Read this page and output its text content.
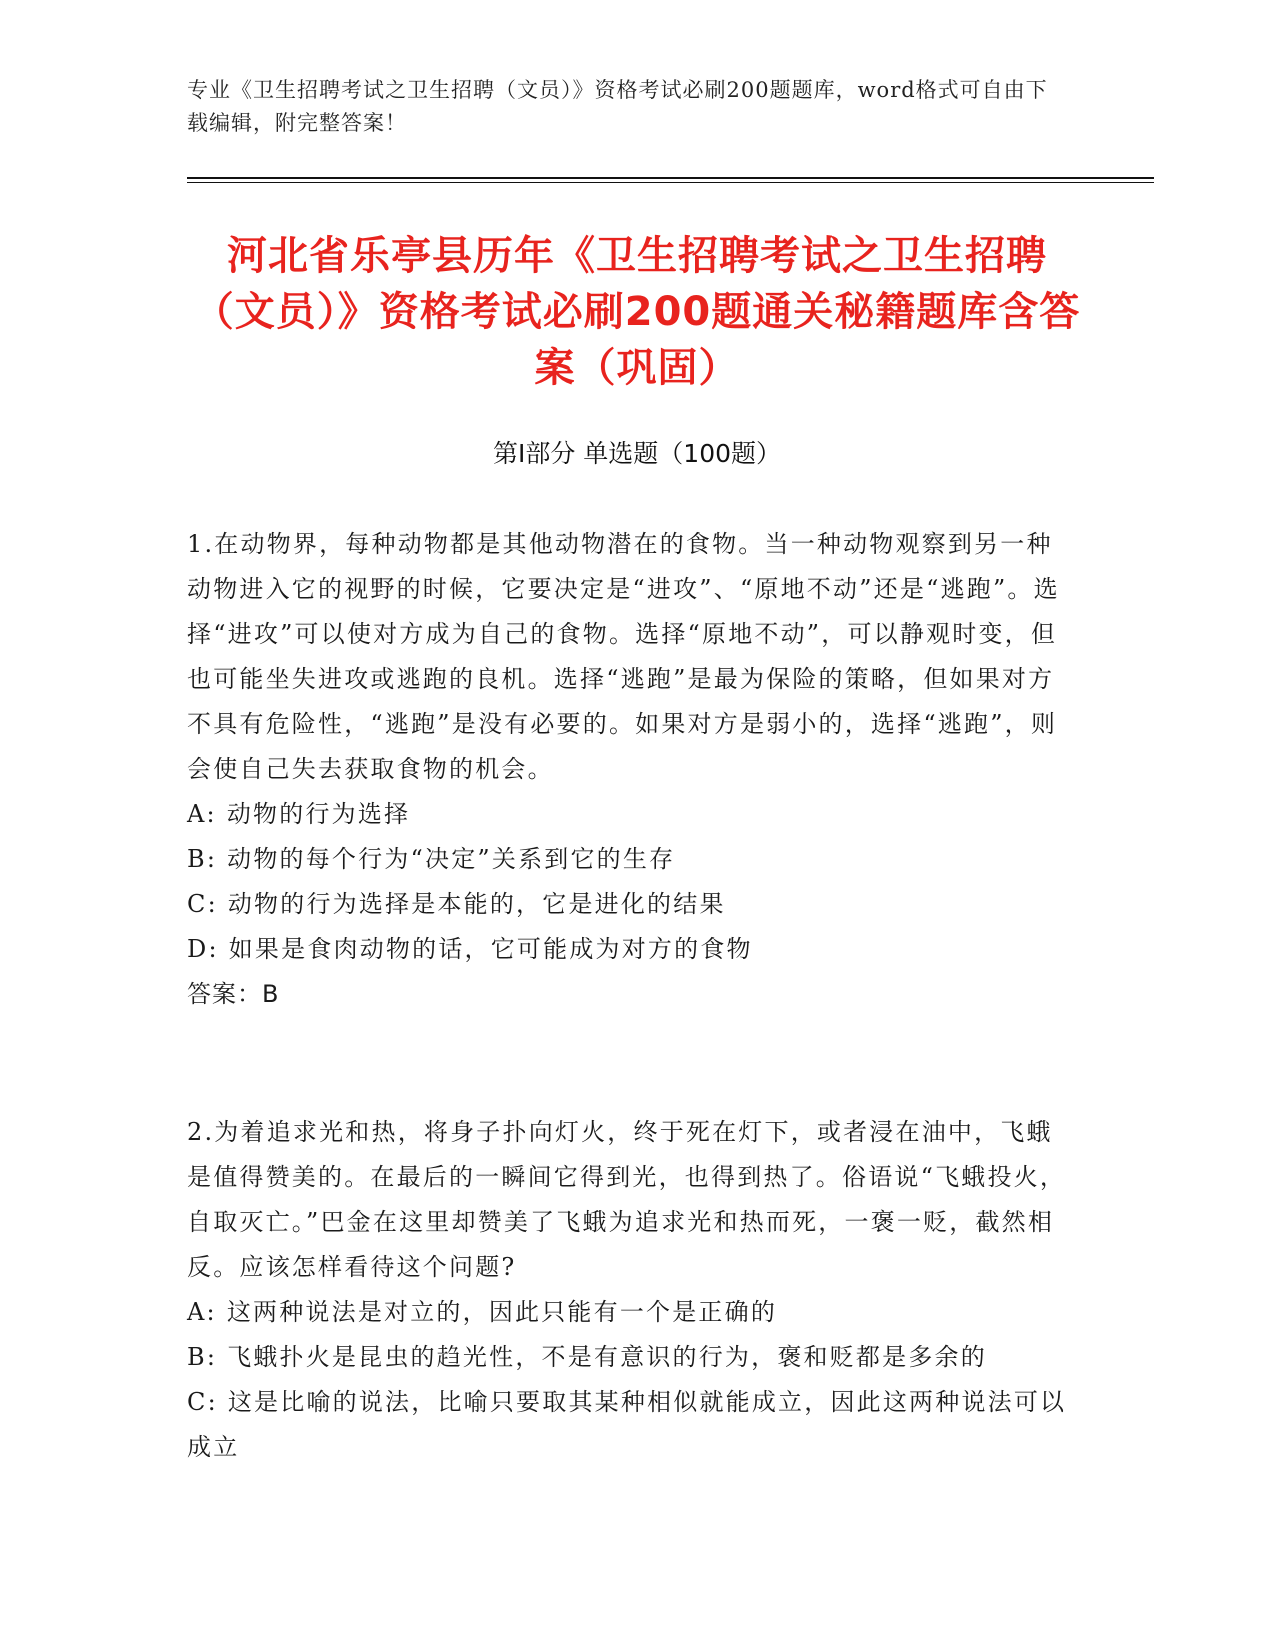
专业《卫生招聘考试之卫生招聘（文员）》资格考试必刷200题题库，word格式可自由下载编辑，附完整答案！
河北省乐亭县历年《卫生招聘考试之卫生招聘（文员）》资格考试必刷200题通关秘籍题库含答案（巩固）
第I部分 单选题（100题）
1.在动物界，每种动物都是其他动物潜在的食物。当一种动物观察到另一种动物进入它的视野的时候，它要决定是“进攻”、“原地不动”还是“逃跑”。选择“进攻”可以使对方成为自己的食物。选择“原地不动”，可以静观时变，但也可能坐失进攻或逃跑的良机。选择“逃跑”是最为保险的策略，但如果对方不具有危险性，“逃跑”是没有必要的。如果对方是弱小的，选择“逃跑”，则会使自己失去获取食物的机会。
A: 动物的行为选择
B: 动物的每个行为“决定”关系到它的生存
C: 动物的行为选择是本能的，它是进化的结果
D: 如果是食肉动物的话，它可能成为对方的食物
答案：B
2.为着追求光和热，将身子扑向灯火，终于死在灯下，或者浸在油中，飞蛾是值得赞美的。在最后的一瞬间它得到光，也得到热了。俗语说“飞蛾投火，自取灭亡。”巴金在这里却赞美了飞蛾为追求光和热而死，一褒一贬，截然相反。应该怎样看待这个问题?
A: 这两种说法是对立的，因此只能有一个是正确的
B: 飞蛾扑火是昆虫的趋光性，不是有意识的行为，褒和贬都是多余的
C: 这是比喻的说法，比喻只要取其某种相似就能成立，因此这两种说法可以成立
